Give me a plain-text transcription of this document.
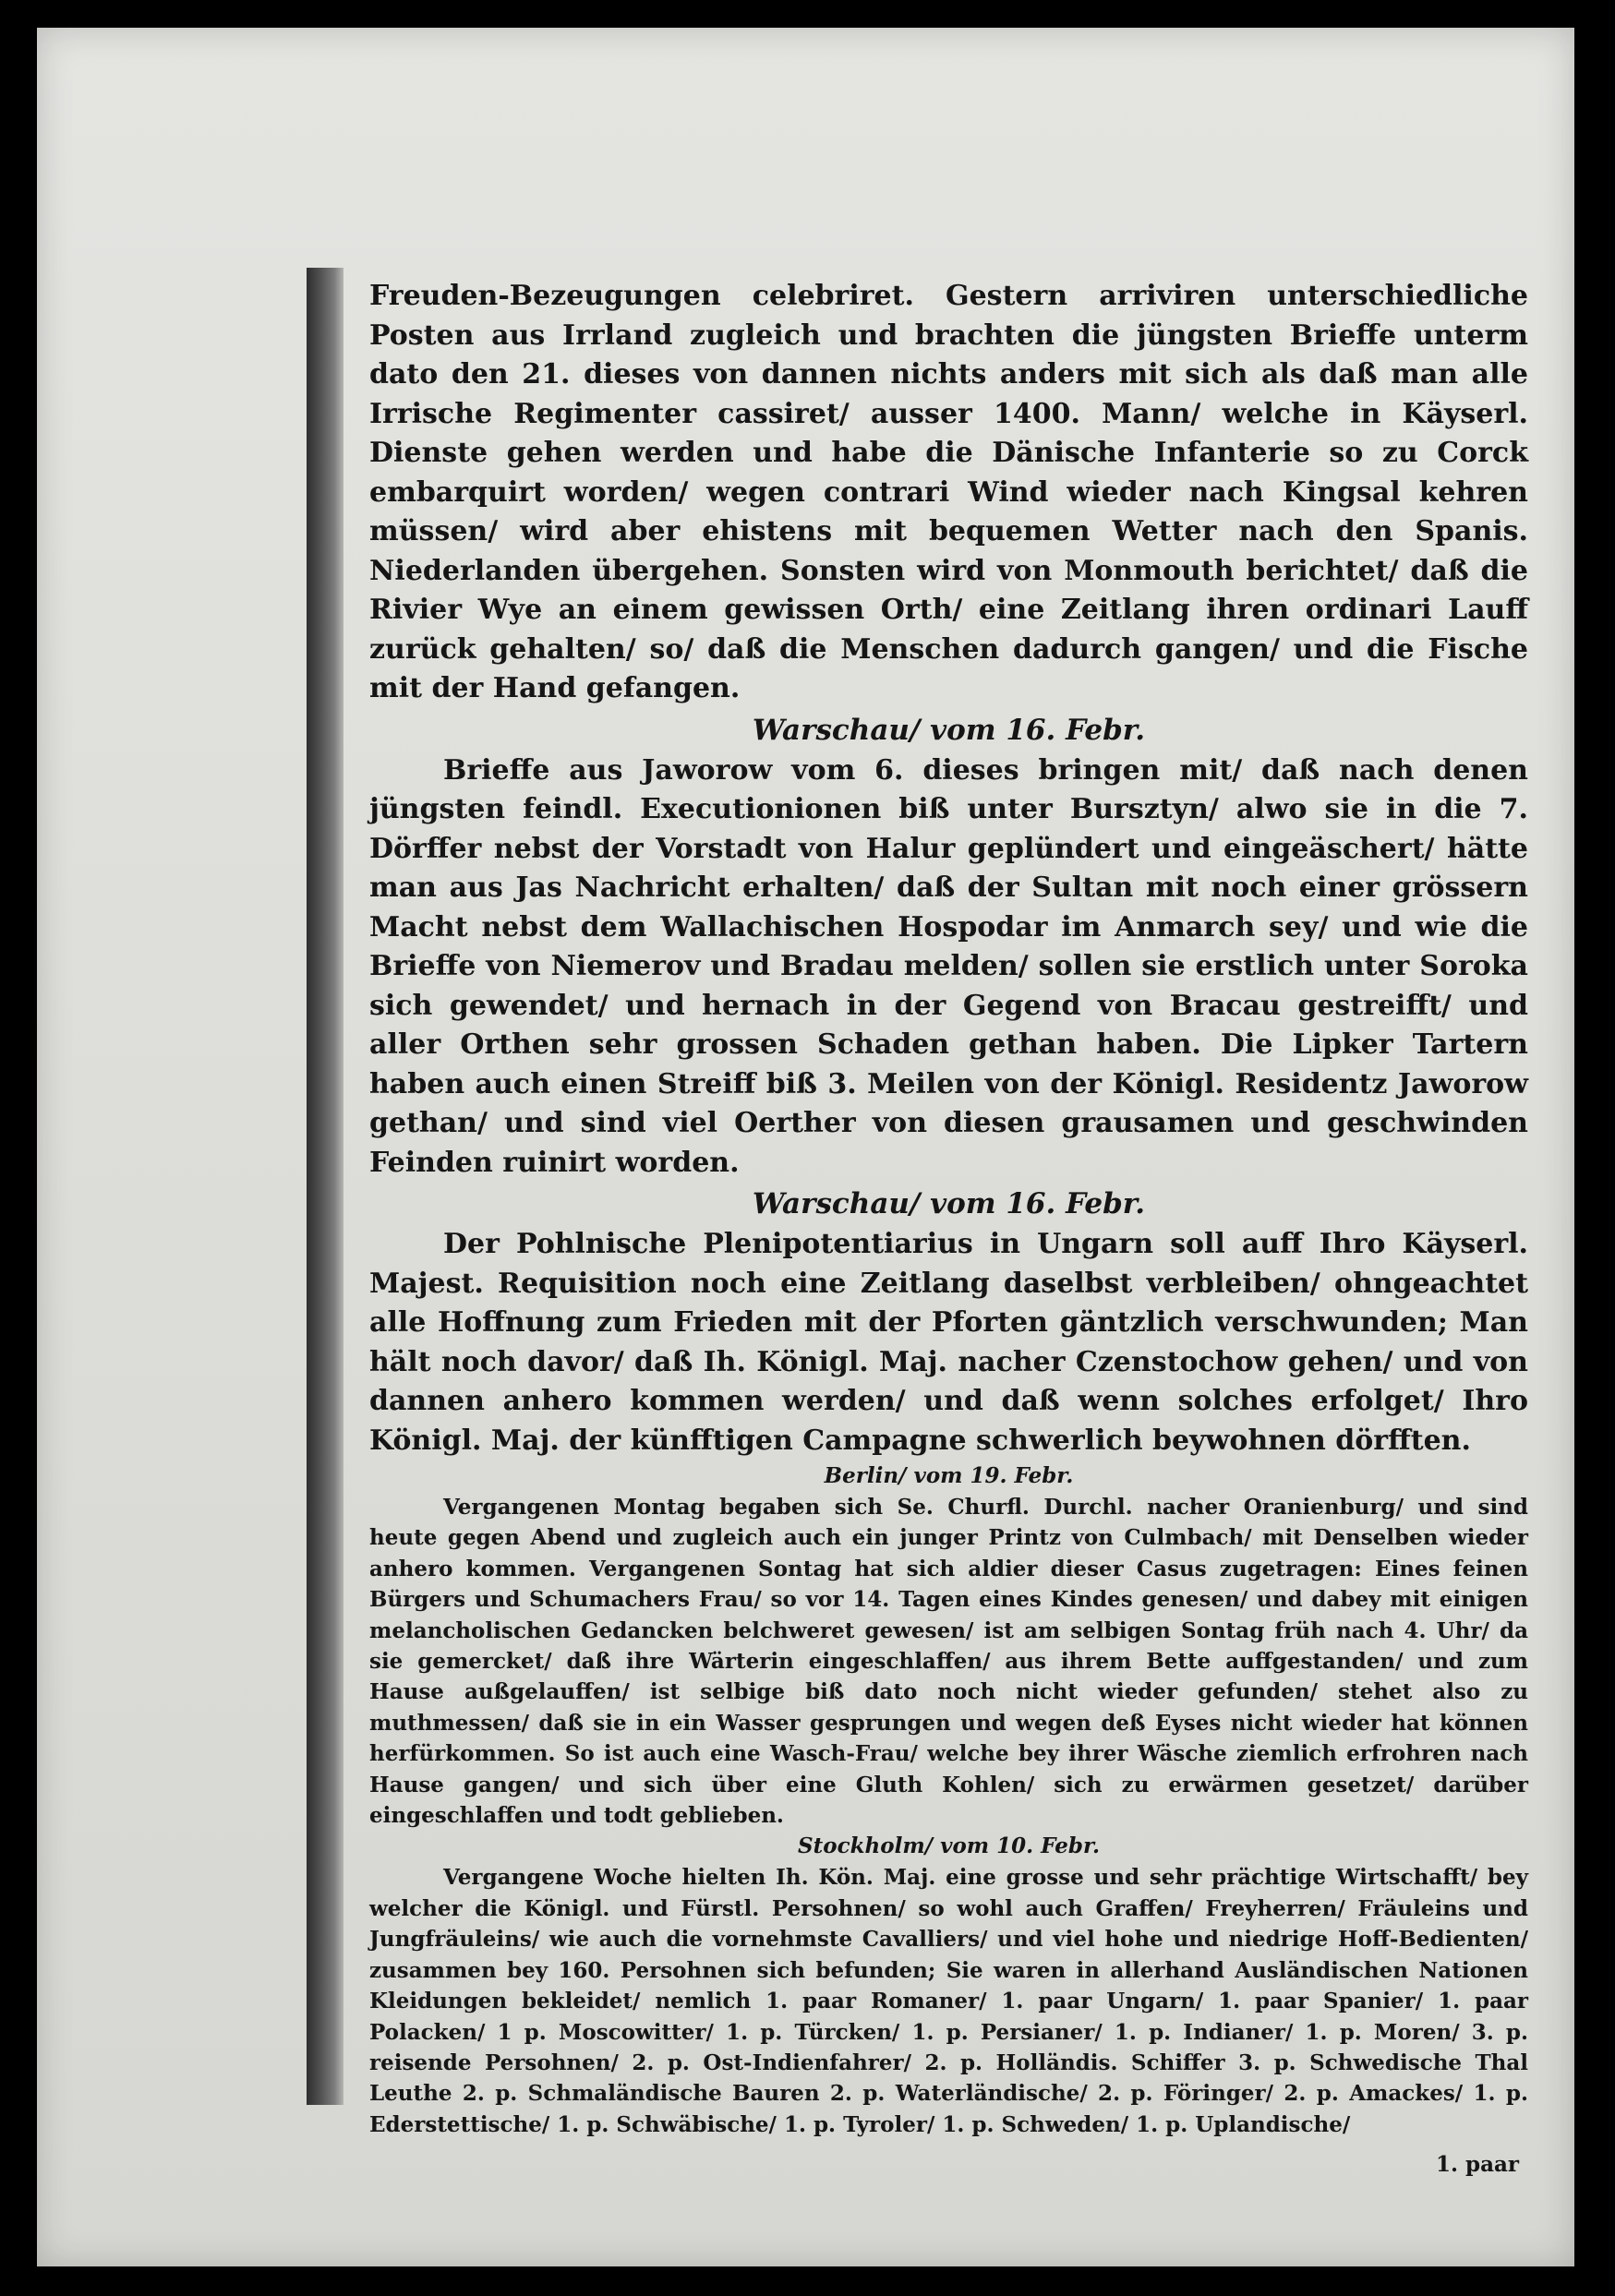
Freuden-Bezeugungen celebriret. Gestern arriviren unterschiedliche Posten aus Irrland zugleich und brachten die jüngsten Brieffe unterm dato den 21. dieses von dannen nichts anders mit sich als daß man alle Irrische Regimenter cassiret/ ausser 1400. Mann/ welche in Käyserl. Dienste gehen werden und habe die Dänische Infanterie so zu Corck embarquirt worden/ wegen contrari Wind wieder nach Kingsal kehren müssen/ wird aber ehistens mit bequemen Wetter nach den Spanis. Niederlanden übergehen. Sonsten wird von Monmouth berichtet/ daß die Rivier Wye an einem gewissen Orth/ eine Zeitlang ihren ordinari Lauff zurück gehalten/ so/ daß die Menschen dadurch gangen/ und die Fische mit der Hand gefangen.

Warschau/ vom 16. Febr.

Brieffe aus Jaworow vom 6. dieses bringen mit/ daß nach denen jüngsten feindl. Executionionen biß unter Bursztyn/ alwo sie in die 7. Dörffer nebst der Vorstadt von Halur geplündert und eingeäschert/ hätte man aus Jas Nachricht erhalten/ daß der Sultan mit noch einer grössern Macht nebst dem Wallachischen Hospodar im Anmarch sey/ und wie die Brieffe von Niemerov und Bradau melden/ sollen sie erstlich unter Soroka sich gewendet/ und hernach in der Gegend von Bracau gestreifft/ und aller Orthen sehr grossen Schaden gethan haben. Die Lipker Tartern haben auch einen Streiff biß 3. Meilen von der Königl. Residentz Jaworow gethan/ und sind viel Oerther von diesen grausamen und geschwinden Feinden ruinirt worden.

Warschau/ vom 16. Febr.

Der Pohlnische Plenipotentiarius in Ungarn soll auff Ihro Käyserl. Majest. Requisition noch eine Zeitlang daselbst verbleiben/ ohngeachtet alle Hoffnung zum Frieden mit der Pforten gäntzlich verschwunden; Man hält noch davor/ daß Ih. Königl. Maj. nacher Czenstochow gehen/ und von dannen anhero kommen werden/ und daß wenn solches erfolget/ Ihro Königl. Maj. der künfftigen Campagne schwerlich beywohnen dörfften.

Berlin/ vom 19. Febr.

Vergangenen Montag begaben sich Se. Churfl. Durchl. nacher Oranienburg/ und sind heute gegen Abend und zugleich auch ein junger Printz von Culmbach/ mit Denselben wieder anhero kommen. Vergangenen Sontag hat sich aldier dieser Casus zugetragen: Eines feinen Bürgers und Schumachers Frau/ so vor 14. Tagen eines Kindes genesen/ und dabey mit einigen melancholischen Gedancken belchweret gewesen/ ist am selbigen Sontag früh nach 4. Uhr/ da sie gemercket/ daß ihre Wärterin eingeschlaffen/ aus ihrem Bette auffgestanden/ und zum Hause außgelauffen/ ist selbige biß dato noch nicht wieder gefunden/ stehet also zu muthmessen/ daß sie in ein Wasser gesprungen und wegen deß Eyses nicht wieder hat können herfürkommen. So ist auch eine Wasch-Frau/ welche bey ihrer Wäsche ziemlich erfrohren nach Hause gangen/ und sich über eine Gluth Kohlen/ sich zu erwärmen gesetzet/ darüber eingeschlaffen und todt geblieben.

Stockholm/ vom 10. Febr.

Vergangene Woche hielten Ih. Kön. Maj. eine grosse und sehr prächtige Wirtschafft/ bey welcher die Königl. und Fürstl. Persohnen/ so wohl auch Graffen/ Freyherren/ Fräuleins und Jungfräuleins/ wie auch die vornehmste Cavalliers/ und viel hohe und niedrige Hoff-Bedienten/ zusammen bey 160. Persohnen sich befunden; Sie waren in allerhand Ausländischen Nationen Kleidungen bekleidet/ nemlich 1. paar Romaner/ 1. paar Ungarn/ 1. paar Spanier/ 1. paar Polacken/ 1 p. Moscowitter/ 1. p. Türcken/ 1. p. Persianer/ 1. p. Indianer/ 1. p. Moren/ 3. p. reisende Persohnen/ 2. p. Ost-Indienfahrer/ 2. p. Holländis. Schiffer 3. p. Schwedische Thal Leuthe 2. p. Schmaländische Bauren 2. p. Waterländische/ 2. p. Föringer/ 2. p. Amackes/ 1. p. Ederstettische/ 1. p. Schwäbische/ 1. p. Tyroler/ 1. p. Schweden/ 1. p. Uplandische/

1. paar
